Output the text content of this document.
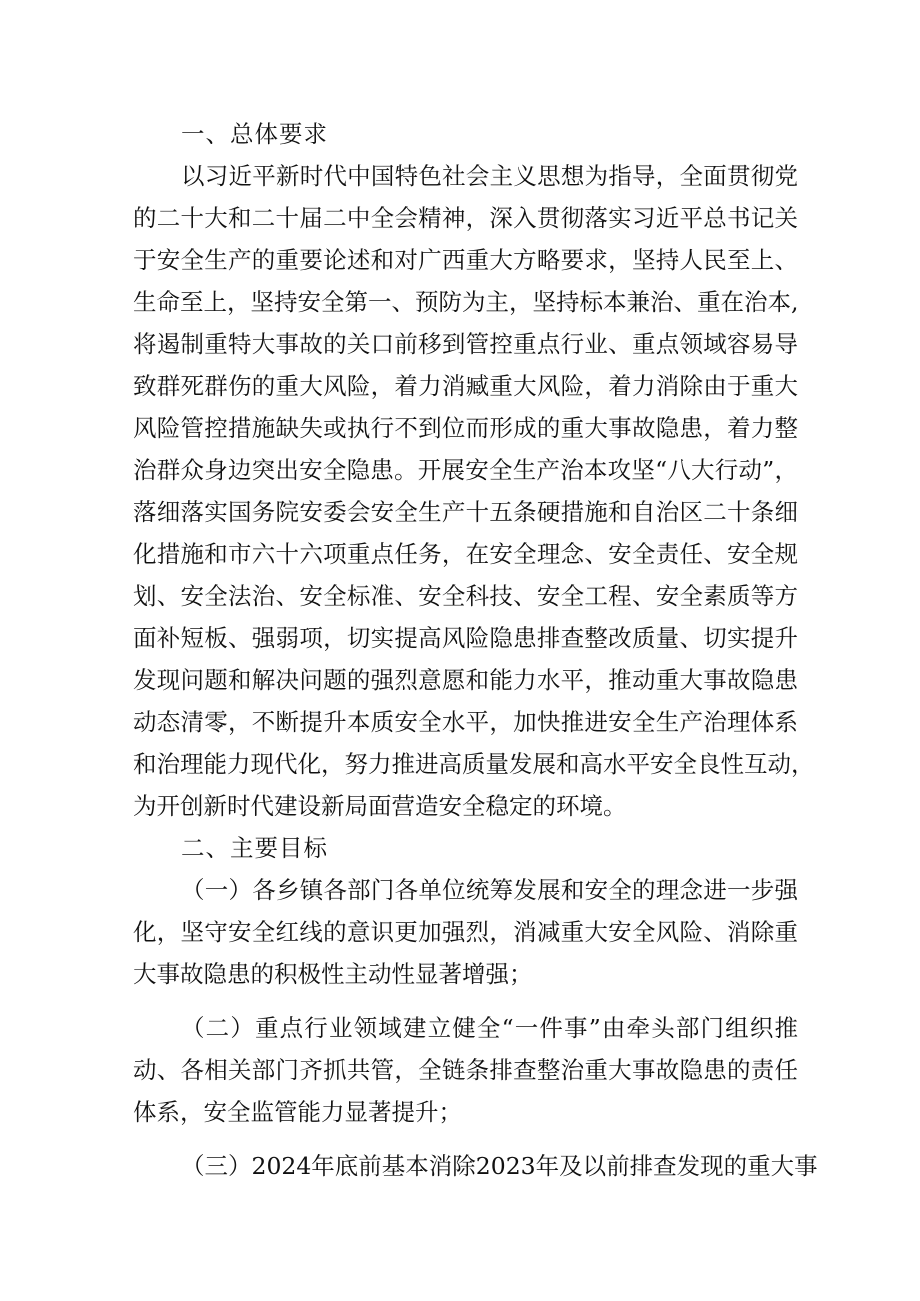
一、总体要求
以习近平新时代中国特色社会主义思想为指导，全面贯彻党
的二十大和二十届二中全会精神，深入贯彻落实习近平总书记关
于安全生产的重要论述和对广西重大方略要求，坚持人民至上、
生命至上，坚持安全第一、预防为主，坚持标本兼治、重在治本,
将遏制重特大事故的关口前移到管控重点行业、重点领域容易导
致群死群伤的重大风险，着力消臧重大风险，着力消除由于重大
风险管控措施缺失或执行不到位而形成的重大事故隐患，着力整
治群众身边突出安全隐患。开展安全生产治本攻坚“八大行动”，
落细落实国务院安委会安全生产十五条硬措施和自治区二十条细
化措施和市六十六项重点任务，在安全理念、安全责任、安全规
划、安全法治、安全标准、安全科技、安全工程、安全素质等方
面补短板、强弱项，切实提高风险隐患排查整改质量、切实提升
发现问题和解决问题的强烈意愿和能力水平，推动重大事故隐患
动态清零，不断提升本质安全水平，加快推进安全生产治理体系
和治理能力现代化，努力推进高质量发展和高水平安全良性互动，
为开创新时代建设新局面营造安全稳定的环境。
二、主要目标
（一）各乡镇各部门各单位统筹发展和安全的理念进一步强
化，坚守安全红线的意识更加强烈，消减重大安全风险、消除重
大事故隐患的积极性主动性显著增强；
（二）重点行业领域建立健全“一件事”由牵头部门组织推
动、各相关部门齐抓共管，全链条排查整治重大事故隐患的责任
体系，安全监管能力显著提升；
（三）2024年底前基本消除2023年及以前排查发现的重大事
